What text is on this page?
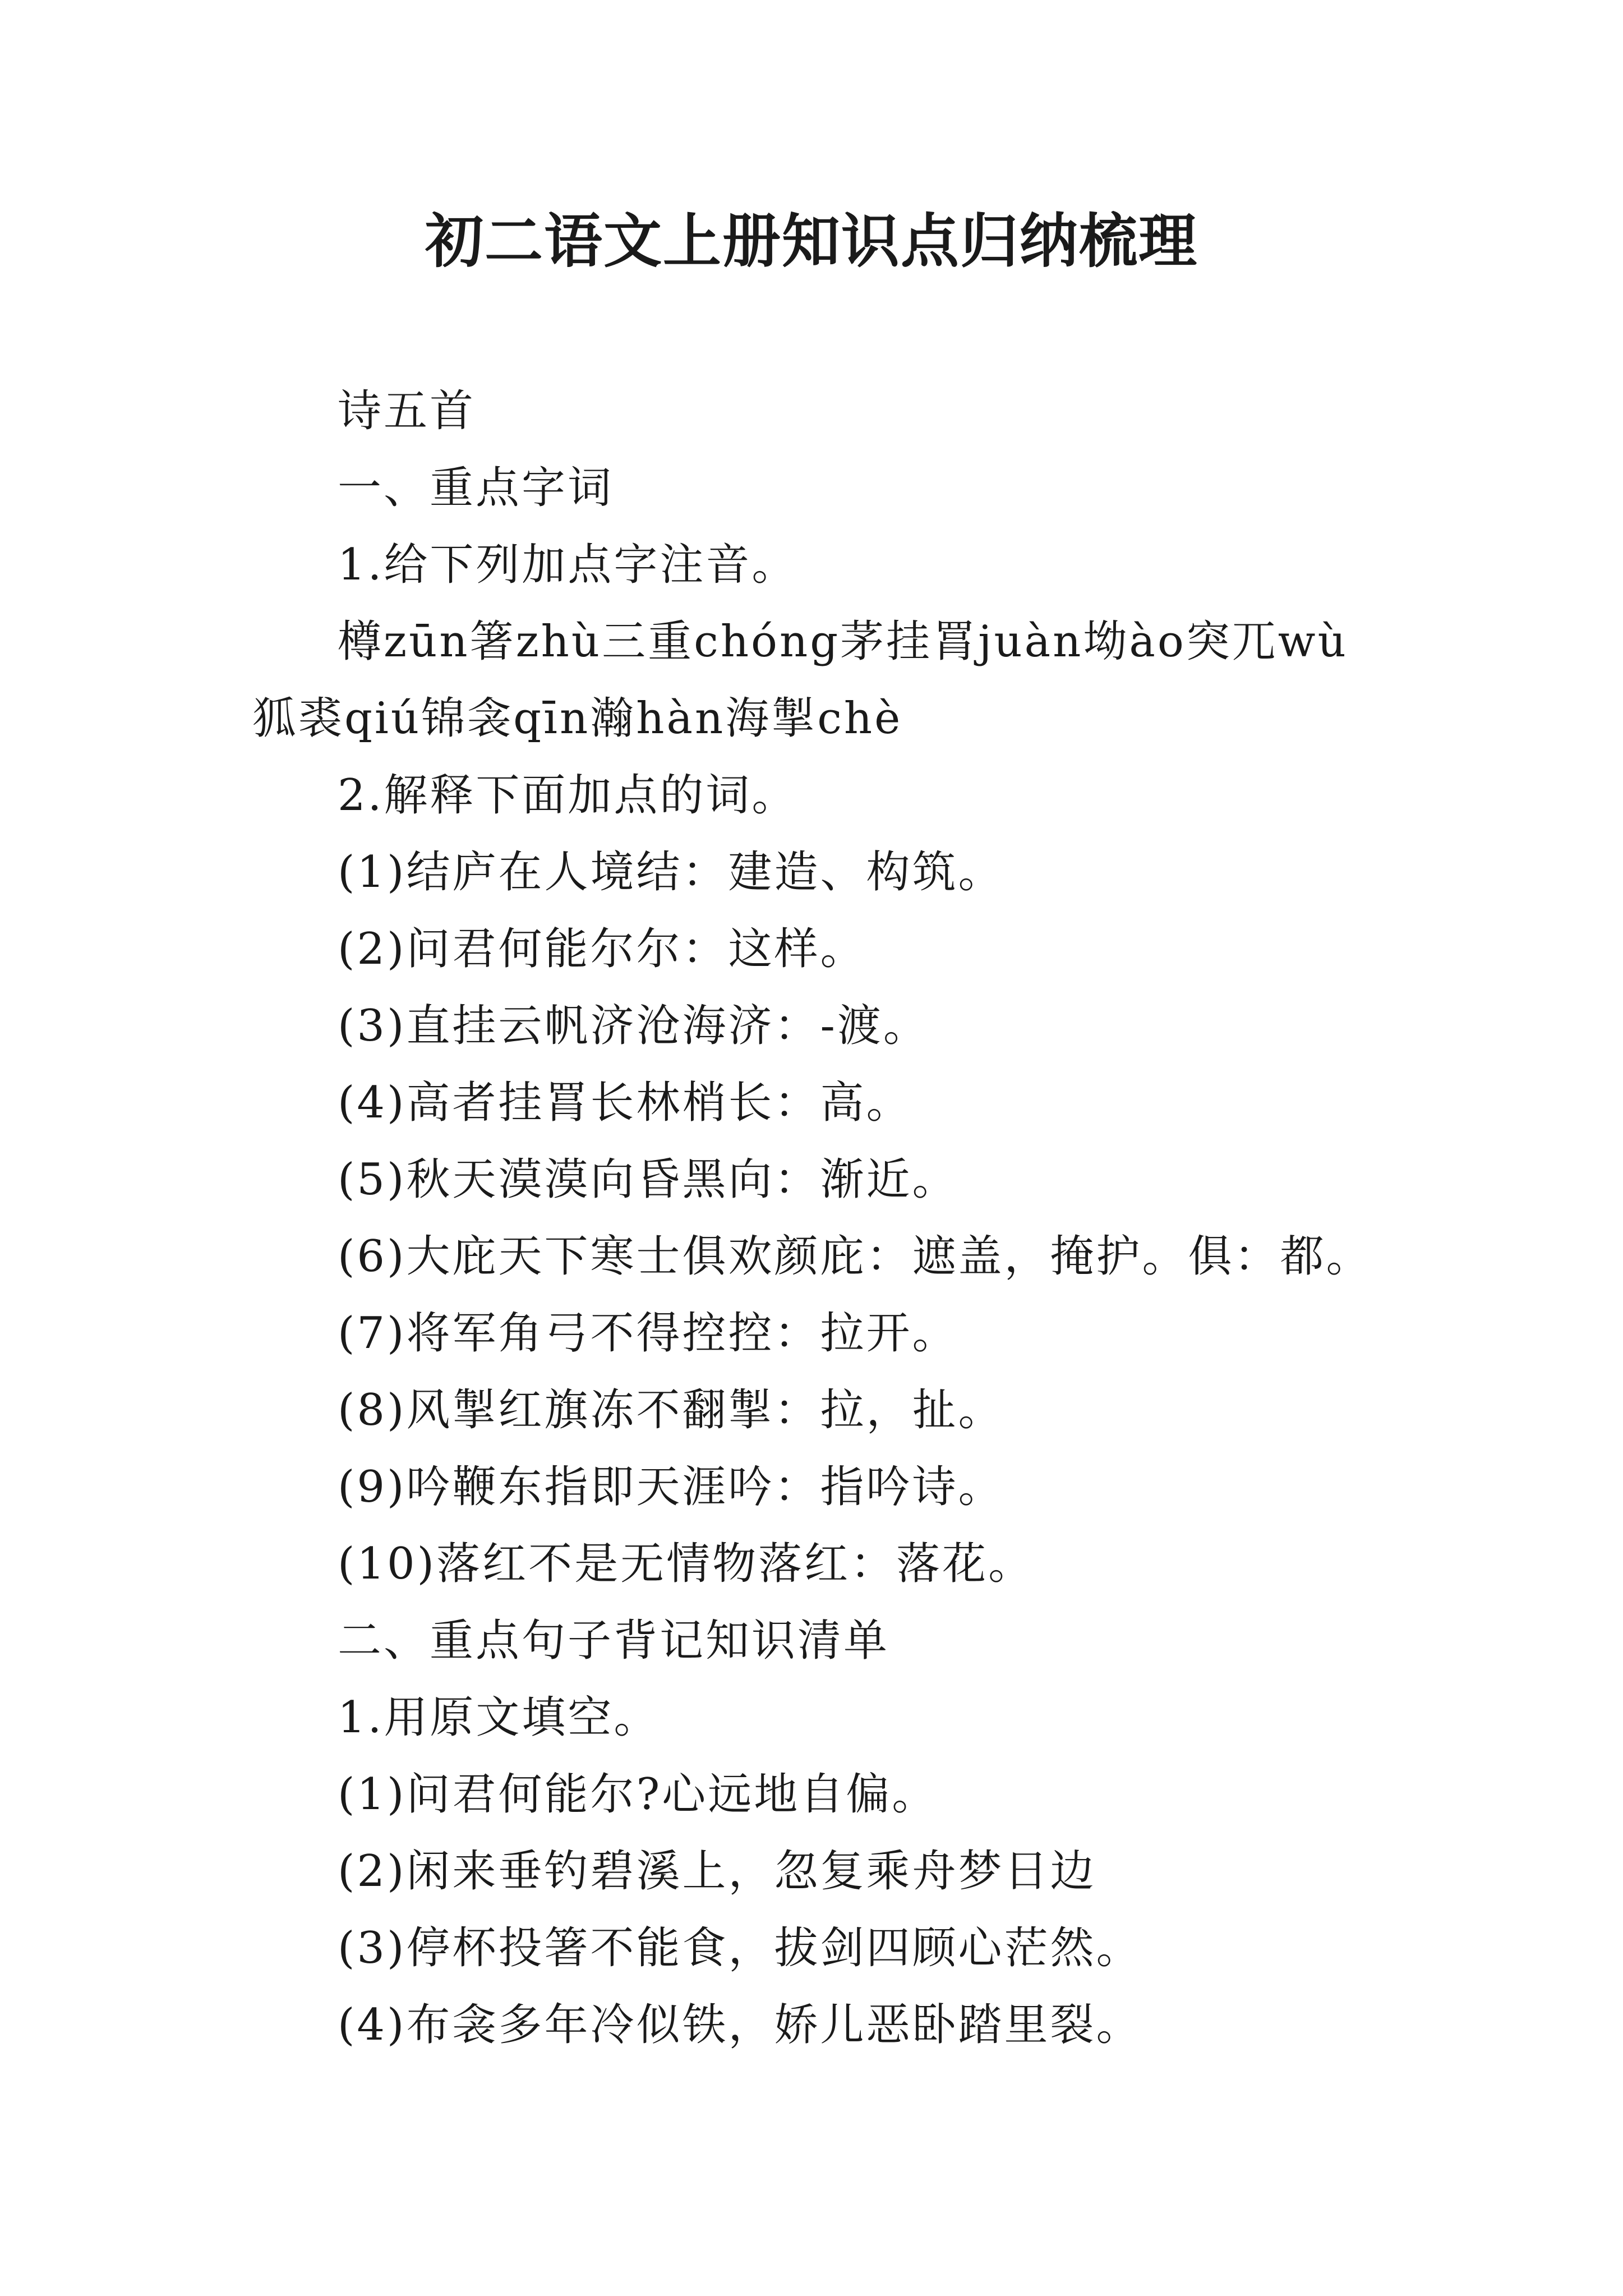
初二语文上册知识点归纳梳理

诗五首

一、重点字词

1.给下列加点字注音。

樽zūn箸zhù三重chóng茅挂罥juàn坳ào突兀wù

狐裘qiú锦衾qīn瀚hàn海掣chè

2.解释下面加点的词。

(1)结庐在人境结：建造、构筑。

(2)问君何能尔尔：这样。

(3)直挂云帆济沧海济：-渡。

(4)高者挂罥长林梢长：高。

(5)秋天漠漠向昏黑向：渐近。

(6)大庇天下寒士俱欢颜庇：遮盖，掩护。俱：都。

(7)将军角弓不得控控：拉开。

(8)风掣红旗冻不翻掣：拉，扯。

(9)吟鞭东指即天涯吟：指吟诗。

(10)落红不是无情物落红：落花。

二、重点句子背记知识清单

1.用原文填空。

(1)问君何能尔?心远地自偏。

(2)闲来垂钓碧溪上，忽复乘舟梦日边

(3)停杯投箸不能食，拔剑四顾心茫然。

(4)布衾多年冷似铁，娇儿恶卧踏里裂。
